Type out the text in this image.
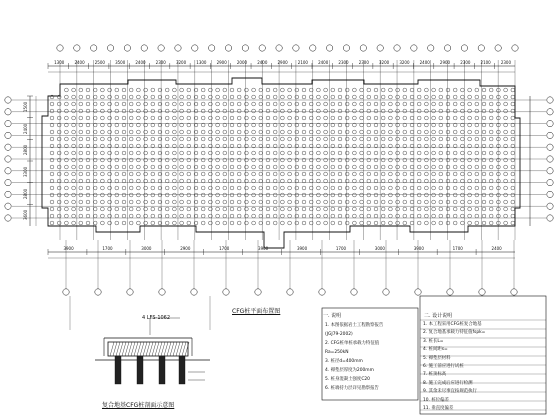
CFG桩平面布置图
复合地基CFG桩剖面示意图
4 LFS-1062	一. 说明	二. 设计说明
1. 本图依据岩土工程勘察报告
(JGJ79-2002)
2. CFG桩单桩承载力特征值
Ra=250kN
3. 桩径d=400mm
4. 褥垫层厚度为200mm
5. 桩身混凝土强度C20
6. 桩端持力层详见勘察报告
1. 本工程采用CFG桩复合地基
2. 复合地基承载力特征值fspk=
3. 桩长L=
4. 桩间距s=
5. 褥垫层材料
6. 施工前应进行试桩
7. 桩顶标高
8. 施工完成后应进行检测
9. 其余未尽事宜按规范执行
10. 桩位偏差
11. 垂直度偏差
1300	2400	2500	3500	2400	2300	3200	1300	2900	2000	2400	2900	2100	2400	2300	2300	3200	3200	2400	2900	2300	2100	2300
3900	1700	3000	2900	1700	3900	3900	1700	3000	3900	1700	2400
1500
2400
2800
3300
2800
3600
